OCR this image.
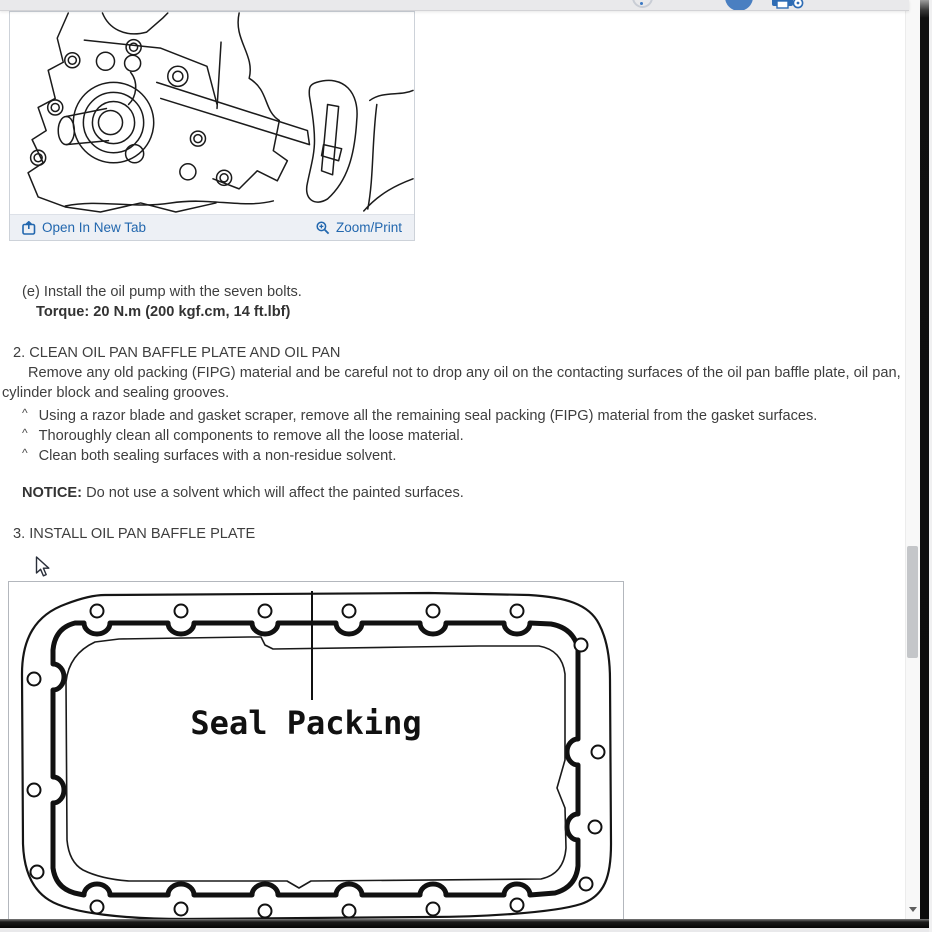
Open In New Tab	Zoom/Print
(e) Install the oil pump with the seven bolts.
Torque: 20 N.m (200 kgf.cm, 14 ft.lbf)
2. CLEAN OIL PAN BAFFLE PLATE AND OIL PAN
Remove any old packing (FIPG) material and be careful not to drop any oil on the contacting surfaces of the oil pan baffle plate, oil pan, cylinder block and sealing grooves.
^ Using a razor blade and gasket scraper, remove all the remaining seal packing (FIPG) material from the gasket surfaces.
^ Thoroughly clean all components to remove all the loose material.
^ Clean both sealing surfaces with a non-residue solvent.
NOTICE: Do not use a solvent which will affect the painted surfaces.
3. INSTALL OIL PAN BAFFLE PLATE
Seal Packing
